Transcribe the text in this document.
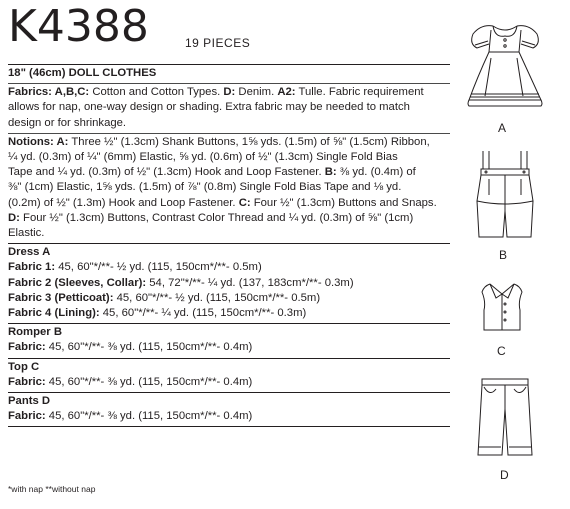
K4388	19 PIECES
18" (46cm) DOLL CLOTHES
Fabrics: A,B,C: Cotton and Cotton Types. D: Denim. A2: Tulle. Fabric requirement
allows for nap, one-way design or shading. Extra fabric may be needed to match
design or for shrinkage.
Notions: A: Three ½" (1.3cm) Shank Buttons, 1⅝ yds. (1.5m) of ⅝" (1.5cm) Ribbon,
¼ yd. (0.3m) of ¼" (6mm) Elastic, ⅝ yd. (0.6m) of ½" (1.3cm) Single Fold Bias
Tape and ¼ yd. (0.3m) of ½" (1.3cm) Hook and Loop Fastener. B: ⅜ yd. (0.4m) of
⅜" (1cm) Elastic, 1⅝ yds. (1.5m) of ⅞" (0.8m) Single Fold Bias Tape and ⅛ yd.
(0.2m) of ½" (1.3m) Hook and Loop Fastener. C: Four ½" (1.3cm) Buttons and Snaps.
D: Four ½" (1.3cm) Buttons, Contrast Color Thread and ¼ yd. (0.3m) of ⅝" (1cm)
Elastic.
Dress A
Fabric 1: 45, 60"*/**- ½ yd. (115, 150cm*/**- 0.5m)
Fabric 2 (Sleeves, Collar): 54, 72"*/**- ¼ yd. (137, 183cm*/**- 0.3m)
Fabric 3 (Petticoat): 45, 60"*/**- ½ yd. (115, 150cm*/**- 0.5m)
Fabric 4 (Lining): 45, 60"*/**- ¼ yd. (115, 150cm*/**- 0.3m)
Romper B
Fabric: 45, 60"*/**- ⅜ yd. (115, 150cm*/**- 0.4m)
Top C
Fabric: 45, 60"*/**- ⅜ yd. (115, 150cm*/**- 0.4m)
Pants D
Fabric: 45, 60"*/**- ⅜ yd. (115, 150cm*/**- 0.4m)
*with nap **without nap
A
B
C
D
